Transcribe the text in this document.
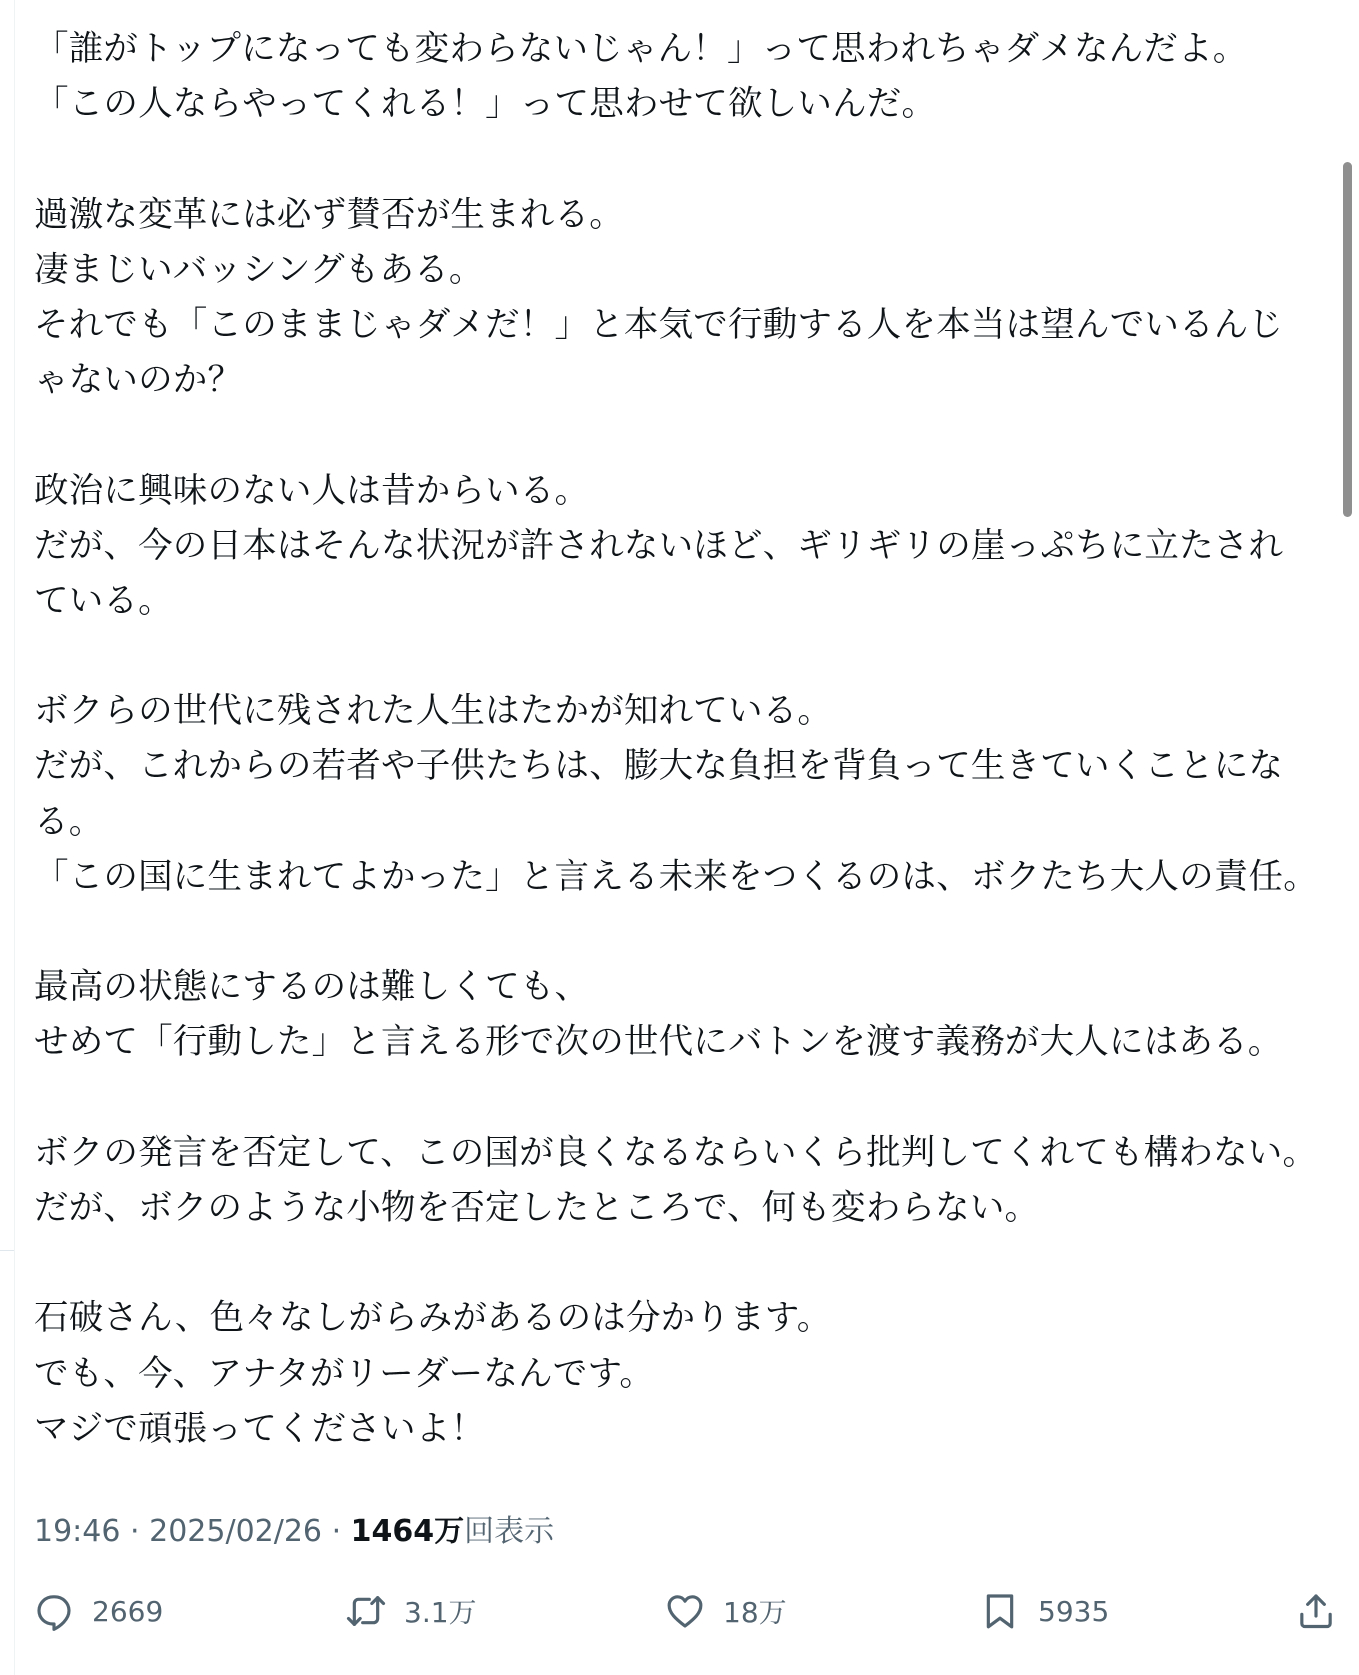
「誰がトップになっても変わらないじゃん！」って思われちゃダメなんだよ。
「この人ならやってくれる！」って思わせて欲しいんだ。
過激な変革には必ず賛否が生まれる。
凄まじいバッシングもある。
それでも「このままじゃダメだ！」と本気で行動する人を本当は望んでいるんじ
ゃないのか？
政治に興味のない人は昔からいる。
だが、今の日本はそんな状況が許されないほど、ギリギリの崖っぷちに立たされ
ている。
ボクらの世代に残された人生はたかが知れている。
だが、これからの若者や子供たちは、膨大な負担を背負って生きていくことにな
る。
「この国に生まれてよかった」と言える未来をつくるのは、ボクたち大人の責任。
最高の状態にするのは難しくても、
せめて「行動した」と言える形で次の世代にバトンを渡す義務が大人にはある。
ボクの発言を否定して、この国が良くなるならいくら批判してくれても構わない。
だが、ボクのような小物を否定したところで、何も変わらない。
石破さん、色々なしがらみがあるのは分かります。
でも、今、アナタがリーダーなんです。
マジで頑張ってくださいよ！
19:46 · 2025/02/26 · 1464万回表示
2669	3.1万	18万	5935
